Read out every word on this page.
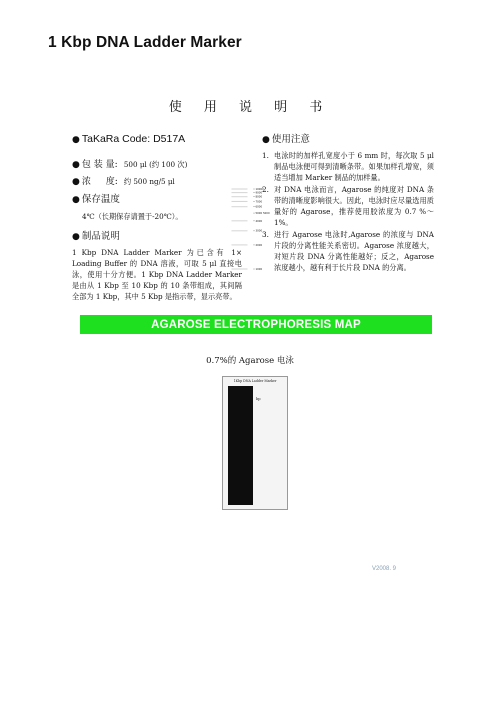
1 Kbp DNA Ladder Marker
使 用 说 明 书
● TaKaRa Code: D517A
● 包 装 量: 500 μl (约 100 次)
● 浓 度: 约 500 ng/5 μl
● 保存温度
4℃（长期保存请置于-20℃）。
● 制品说明
1 Kbp DNA Ladder Marker 为已含有 1× Loading Buffer 的 DNA 溶液，可取 5 μl 直接电泳，使用十分方便。1 Kbp DNA Ladder Marker 是由从 1 Kbp 至 10 Kbp 的 10 条带组成，其间隔全部为 1 Kbp，其中 5 Kbp 是指示带，显示亮带。
● 使用注意
1. 电泳时的加样孔宽度小于 6 mm 时，每次取 5 μl 制品电泳便可得到清晰条带。如果加样孔增宽，须适当增加 Marker 制品的加样量。
2. 对 DNA 电泳而言，Agarose 的纯度对 DNA 条带的清晰度影响很大。因此，电泳时应尽量选用质量好的 Agarose，推荐使用胶浓度为 0.7 %～1%。
3. 进行 Agarose 电泳时,Agarose 的浓度与 DNA 片段的分离性能关系密切。Agarose 浓度越大，对短片段 DNA 分离性能越好；反之，Agarose 浓度越小，越有利于长片段 DNA 的分离。
AGAROSE ELECTROPHORESIS MAP
0.7%的 Agarose 电泳
1Kbp DNA Ladder Marker
10000
9000
8000
7000
6000
5000
4000
3000
2000
1000
5000
bp
V2008. 9
